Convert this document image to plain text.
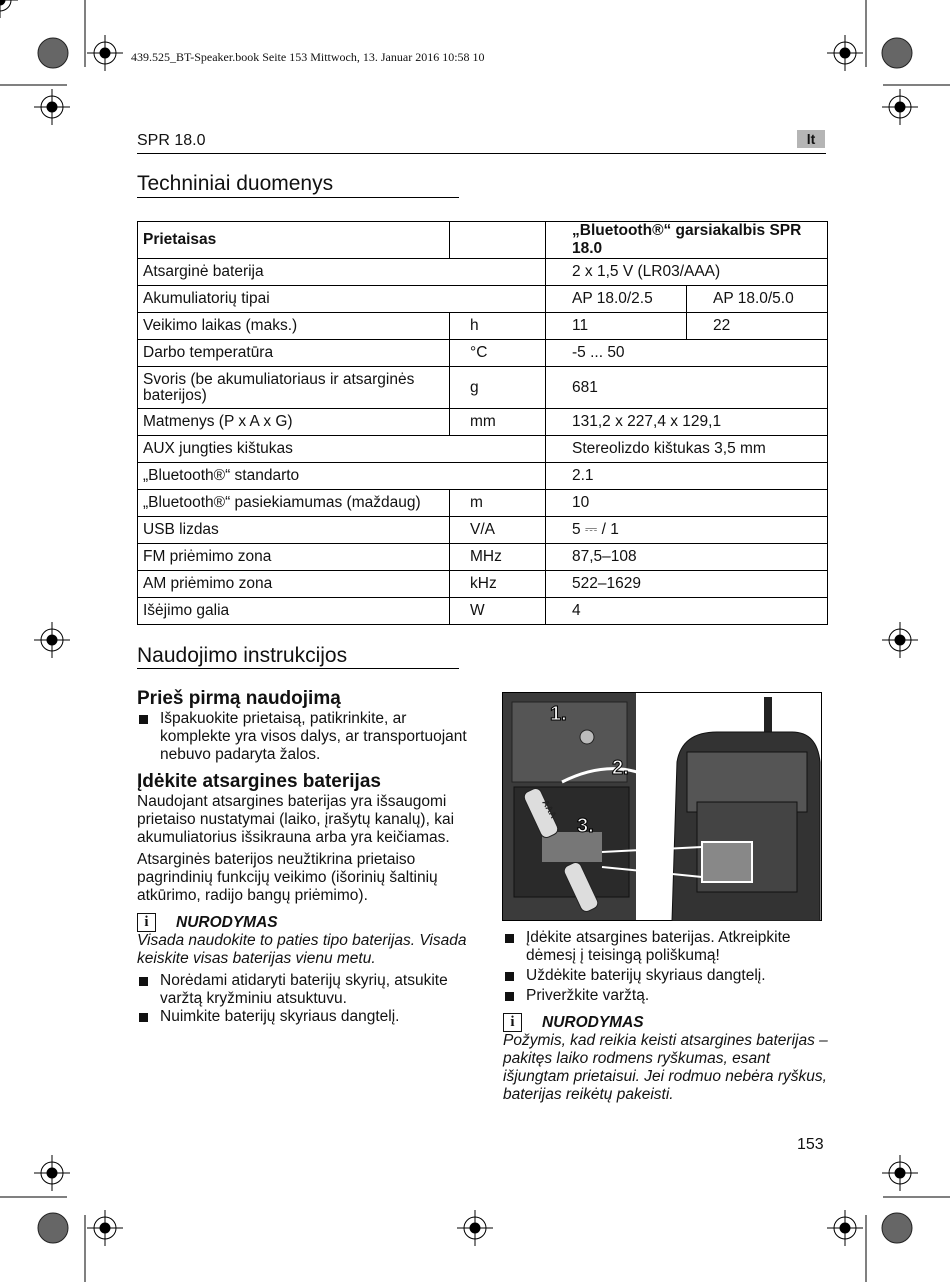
439.525_BT-Speaker.book Seite 153 Mittwoch, 13. Januar 2016 10:58 10
SPR 18.0	lt
Techniniai duomenys
Prietaisas		„Bluetooth®“ garsiakalbis SPR 18.0	
Atsarginė baterija		2 x 1,5 V (LR03/AAA)	
Akumuliatorių tipai		AP 18.0/2.5	AP 18.0/5.0
Veikimo laikas (maks.)	h	11	22
Darbo temperatūra	°C	-5 ... 50	
Svoris (be akumuliatoriaus ir atsarginės baterijos)	g	681	
Matmenys (P x A x G)	mm	131,2 x 227,4 x 129,1	
AUX jungties kištukas		Stereolizdo kištukas 3,5 mm	
„Bluetooth®“ standarto		2.1	
„Bluetooth®“ pasiekiamumas (maždaug)	m	10	
USB lizdas	V/A	5 ⎓ / 1	
FM priėmimo zona	MHz	87,5–108	
AM priėmimo zona	kHz	522–1629	
Išėjimo galia	W	4	
Naudojimo instrukcijos

Prieš pirmą naudojimą

Išpakuokite prietaisą, patikrinkite, ar komplekte yra visos dalys, ar transportuojant nebuvo padaryta žalos.

Įdėkite atsargines baterijas

Naudojant atsargines baterijas yra išsaugomi prietaiso nustatymai (laiko, įrašytų kanalų), kai akumuliatorius išsikrauna arba yra keičiamas.

Atsarginės baterijos neužtikrina prietaiso pagrindinių funkcijų veikimo (išorinių šaltinių atkūrimo, radijo bangų priėmimo).

i	NURODYMAS

Visada naudokite to paties tipo baterijas. Visada keiskite visas baterijas vienu metu.

Norėdami atidaryti baterijų skyrių, atsukite varžtą kryžminiu atsuktuvu.
Nuimkite baterijų skyriaus dangtelį.
1.
2.
3.
AAA
Įdėkite atsargines baterijas. Atkreipkite dėmesį į teisingą poliškumą!
Uždėkite baterijų skyriaus dangtelį.
Priveržkite varžtą.
i	NURODYMAS

Požymis, kad reikia keisti atsargines baterijas – pakitęs laiko rodmens ryškumas, esant išjungtam prietaisui. Jei rodmuo nebėra ryškus, baterijas reikėtų pakeisti.

153
